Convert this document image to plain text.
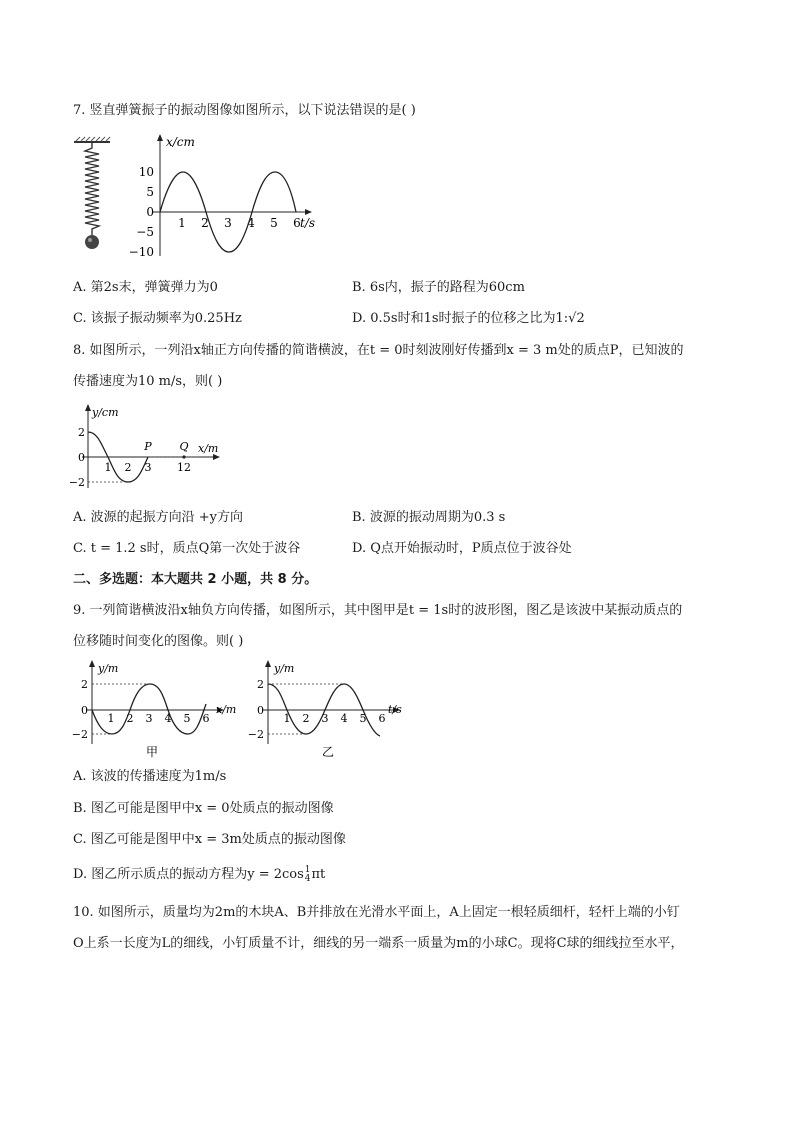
7. 竖直弹簧振子的振动图像如图所示，以下说法错误的是( )
x/cm
t/s
10
5
0
−5
−10
1 2 3 4 5 6
A. 第2s末，弹簧弹力为0	B. 6s内，振子的路程为60cm
C. 该振子振动频率为0.25Hz	D. 0.5s时和1s时振子的位移之比为1:√2
8. 如图所示，一列沿x轴正方向传播的简谐横波，在t = 0时刻波刚好传播到x = 3 m处的质点P，已知波的
传播速度为10 m/s，则( )
y/cm
x/m
2
0
−2
1 2 3 12
P	Q
A. 波源的起振方向沿 +y方向	B. 波源的振动周期为0.3 s
C. t = 1.2 s时，质点Q第一次处于波谷	D. Q点开始振动时，P质点位于波谷处
二、多选题：本大题共 2 小题，共 8 分。
9. 一列简谐横波沿x轴负方向传播，如图所示，其中图甲是t = 1s时的波形图，图乙是该波中某振动质点的
位移随时间变化的图像。则( )
y/m
x/m
2
0
−2
1 2 3 4 5 6
甲
y/m
t/s
2
0
−2
1 2 3 4 5 6
乙
A. 该波的传播速度为1m/s
B. 图乙可能是图甲中x = 0处质点的振动图像
C. 图乙可能是图甲中x = 3m处质点的振动图像
D. 图乙所示质点的振动方程为y = 2cos 1
4 πt
10. 如图所示，质量均为2m的木块A、B并排放在光滑水平面上，A上固定一根轻质细杆，轻杆上端的小钉
O上系一长度为L的细线，小钉质量不计，细线的另一端系一质量为m的小球C。现将C球的细线拉至水平，
